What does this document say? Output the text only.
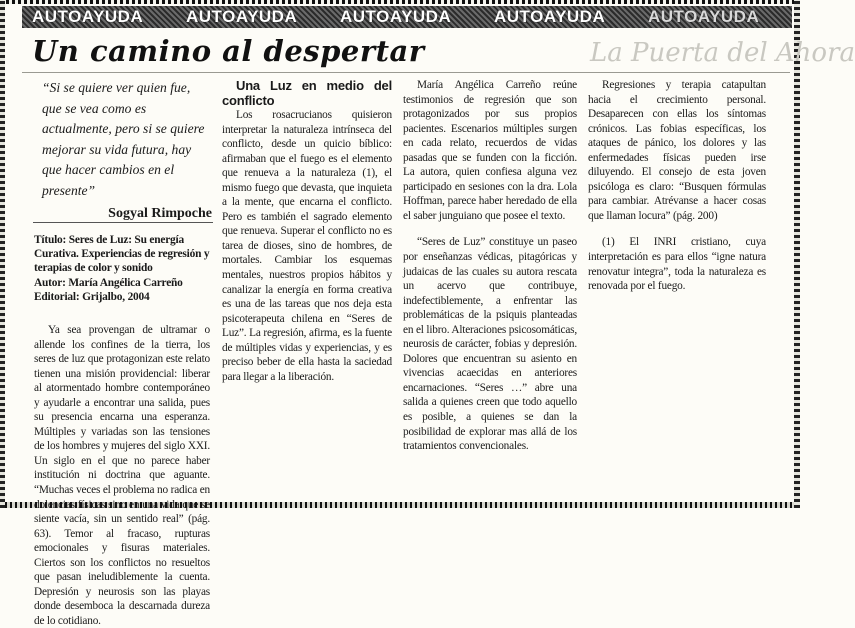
AUTOAYUDA	AUTOAYUDA	AUTOAYUDA	AUTOAYUDA	AUTOAYUDA
Un camino al despertar	La Puerta del Ahora

“Si se quiere ver quien fue, que se vea como es actualmente, pero si se quiere mejorar su vida futura, hay que hacer cambios en el presente”

Sogyal Rimpoche

Título: Seres de Luz: Su energía Curativa. Experiencias de regresión y terapias de color y sonido

Autor: María Angélica Carreño

Editorial: Grijalbo, 2004

Ya sea provengan de ultramar o allende los confines de la tierra, los seres de luz que protagonizan este relato tienen una misión providencial: liberar al atormentado hombre contemporáneo y ayudarle a encontrar una salida, pues su presencia encarna una esperanza. Múltiples y variadas son las tensiones de los hombres y mujeres del siglo XXI. Un siglo en el que no parece haber institución ni doctrina que aguante. “Muchas veces el problema no radica en dolencias físicas sino en una vida que se siente vacía, sin un sentido real” (pág. 63). Temor al fracaso, rupturas emocionales y fisuras materiales. Ciertos son los conflictos no resueltos que pasan ineludiblemente la cuenta. Depresión y neurosis son las playas donde desemboca la descarnada dureza de lo cotidiano.

Una Luz en medio del conflicto

Los rosacrucianos quisieron interpretar la naturaleza intrínseca del conflicto, desde un quicio bíblico: afirmaban que el fuego es el elemento que renueva a la naturaleza (1), el mismo fuego que devasta, que inquieta a la mente, que encarna el conflicto. Pero es también el sagrado elemento que renueva. Superar el conflicto no es tarea de dioses, sino de hombres, de mortales. Cambiar los esquemas mentales, nuestros propios hábitos y canalizar la energía en forma creativa es una de las tareas que nos deja esta psicoterapeuta chilena en “Seres de Luz”. La regresión, afirma, es la fuente de múltiples vidas y experiencias, y es preciso beber de ella hasta la saciedad para llegar a la liberación.

María Angélica Carreño reúne testimonios de regresión que son protagonizados por sus propios pacientes. Escenarios múltiples surgen en cada relato, recuerdos de vidas pasadas que se funden con la ficción. La autora, quien confiesa alguna vez participado en sesiones con la dra. Lola Hoffman, parece haber heredado de ella el saber junguiano que posee el texto.

“Seres de Luz” constituye un paseo por enseñanzas védicas, pitagóricas y judaicas de las cuales su autora rescata un acervo que contribuye, indefectiblemente, a enfrentar las problemáticas de la psiquis planteadas en el libro. Alteraciones psicosomáticas, neurosis de carácter, fobias y depresión. Dolores que encuentran su asiento en vivencias acaecidas en anteriores encarnaciones. “Seres …” abre una salida a quienes creen que todo aquello es posible, a quienes se dan la posibilidad de explorar mas allá de los tratamientos convencionales.

Regresiones y terapia catapultan hacia el crecimiento personal. Desaparecen con ellas los síntomas crónicos. Las fobias específicas, los ataques de pánico, los dolores y las enfermedades físicas pueden irse diluyendo. El consejo de esta joven psicóloga es claro: “Busquen fórmulas para cambiar. Atrévanse a hacer cosas que llaman locura” (pág. 200)

(1) El INRI cristiano, cuya interpretación es para ellos “igne natura renovatur integra”, toda la naturaleza es renovada por el fuego.
